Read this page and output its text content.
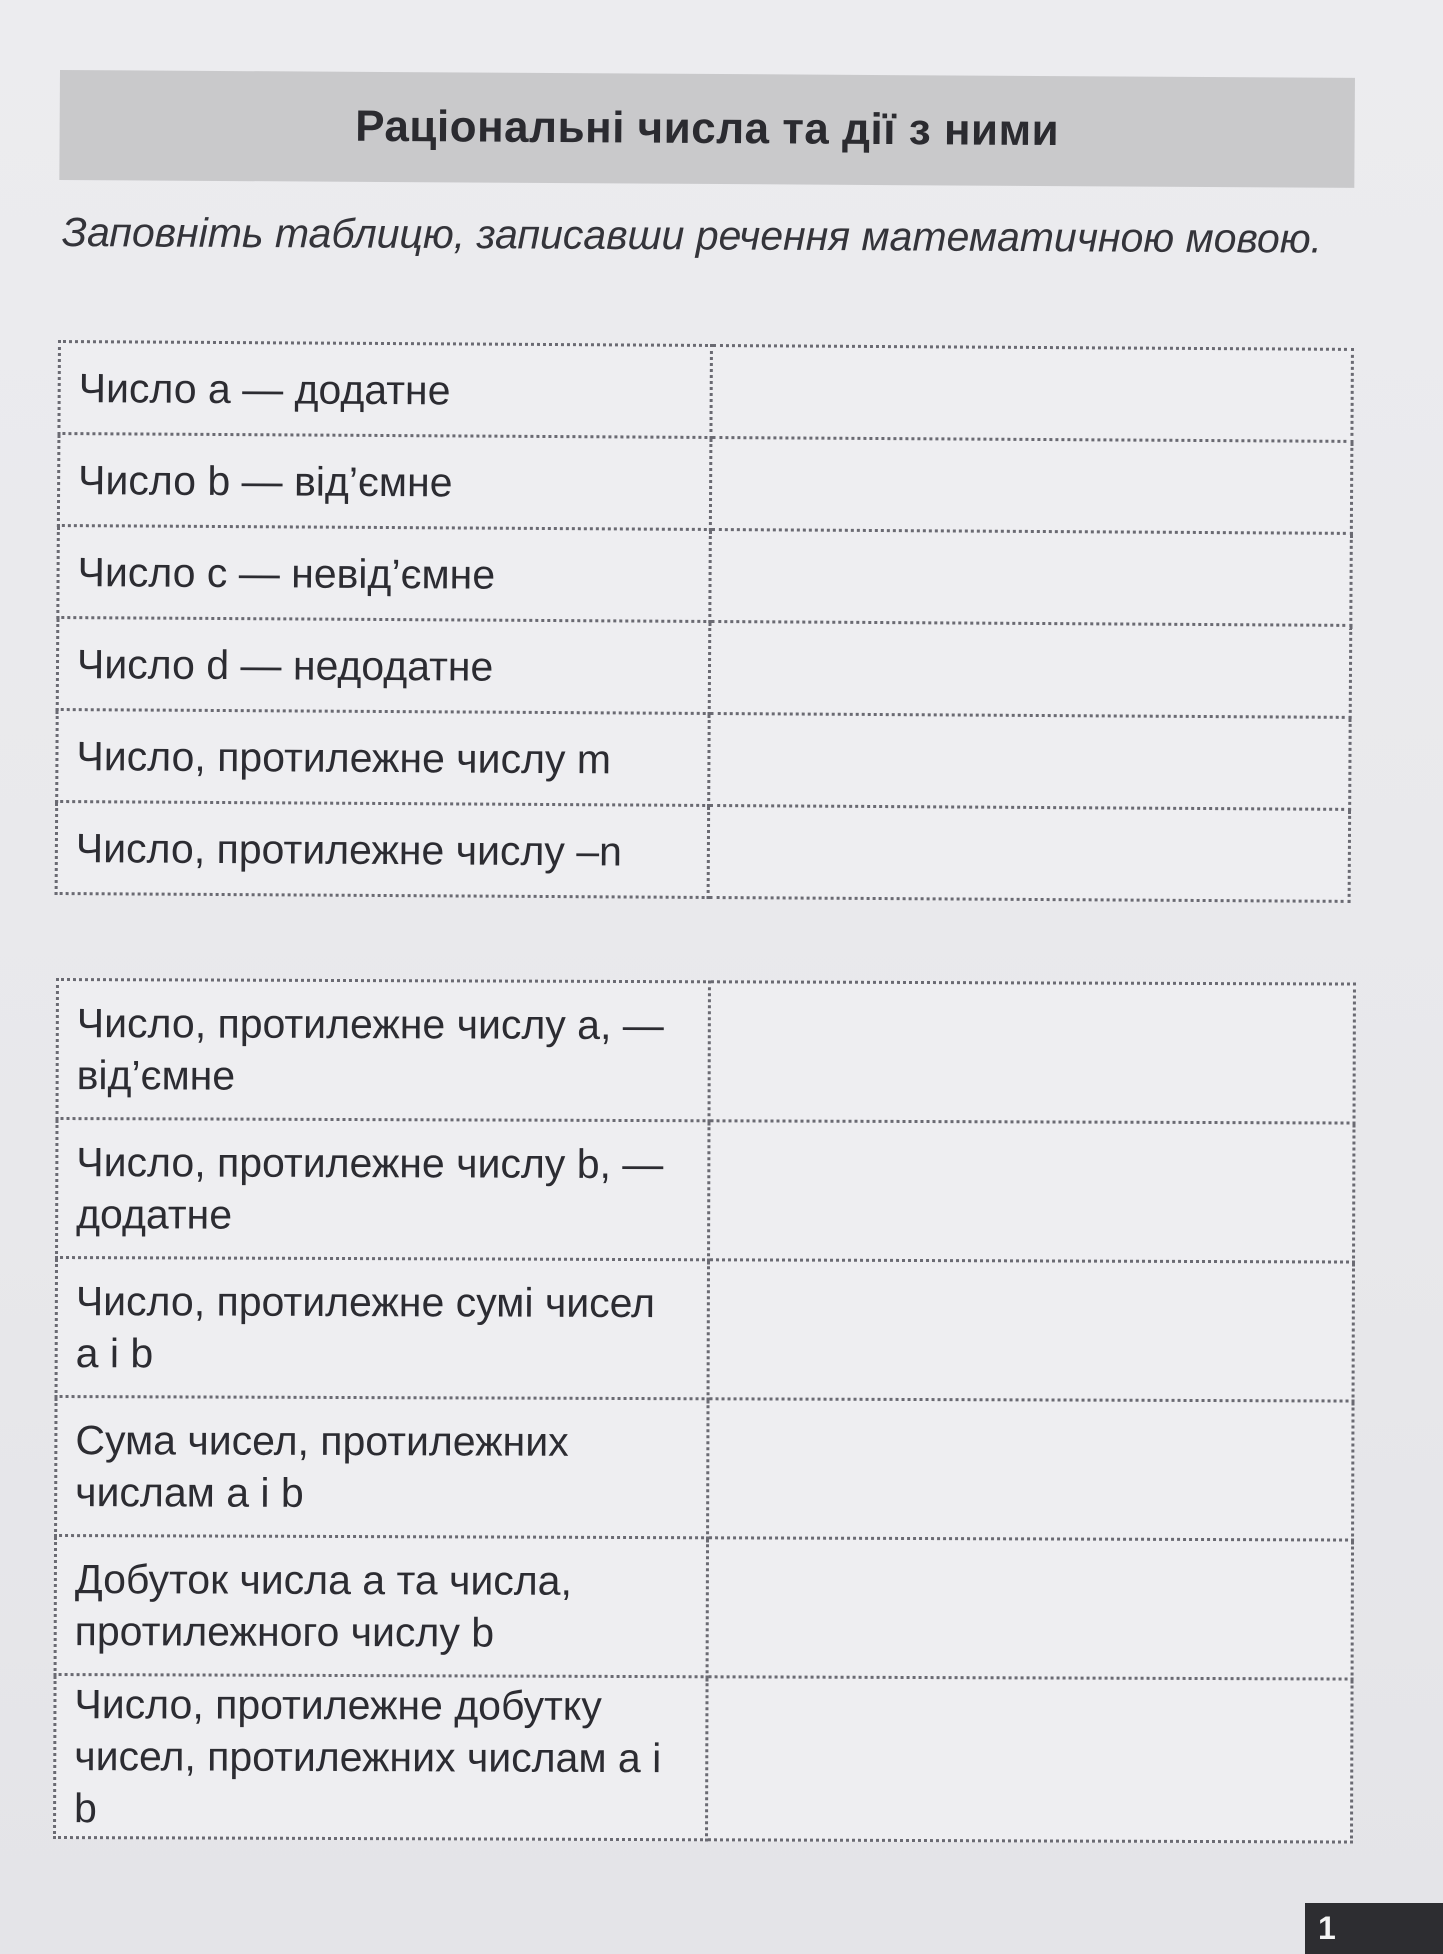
Раціональні числа та дії з ними
Заповніть таблицю, записавши речення математичною мовою.
Число a — додатне	
Число b — від’ємне	
Число c — невід’ємне	
Число d — недодатне	
Число, протилежне числу m	
Число, протилежне числу –n	
Число, протилежне числу a, — від’ємне	
Число, протилежне числу b, — додатне	
Число, протилежне сумі чисел a і b	
Сума чисел, протилежних числам a і b	
Добуток числа a та числа, протилежного числу b	
Число, протилежне добутку чисел, протилежних числам a і b	
1
